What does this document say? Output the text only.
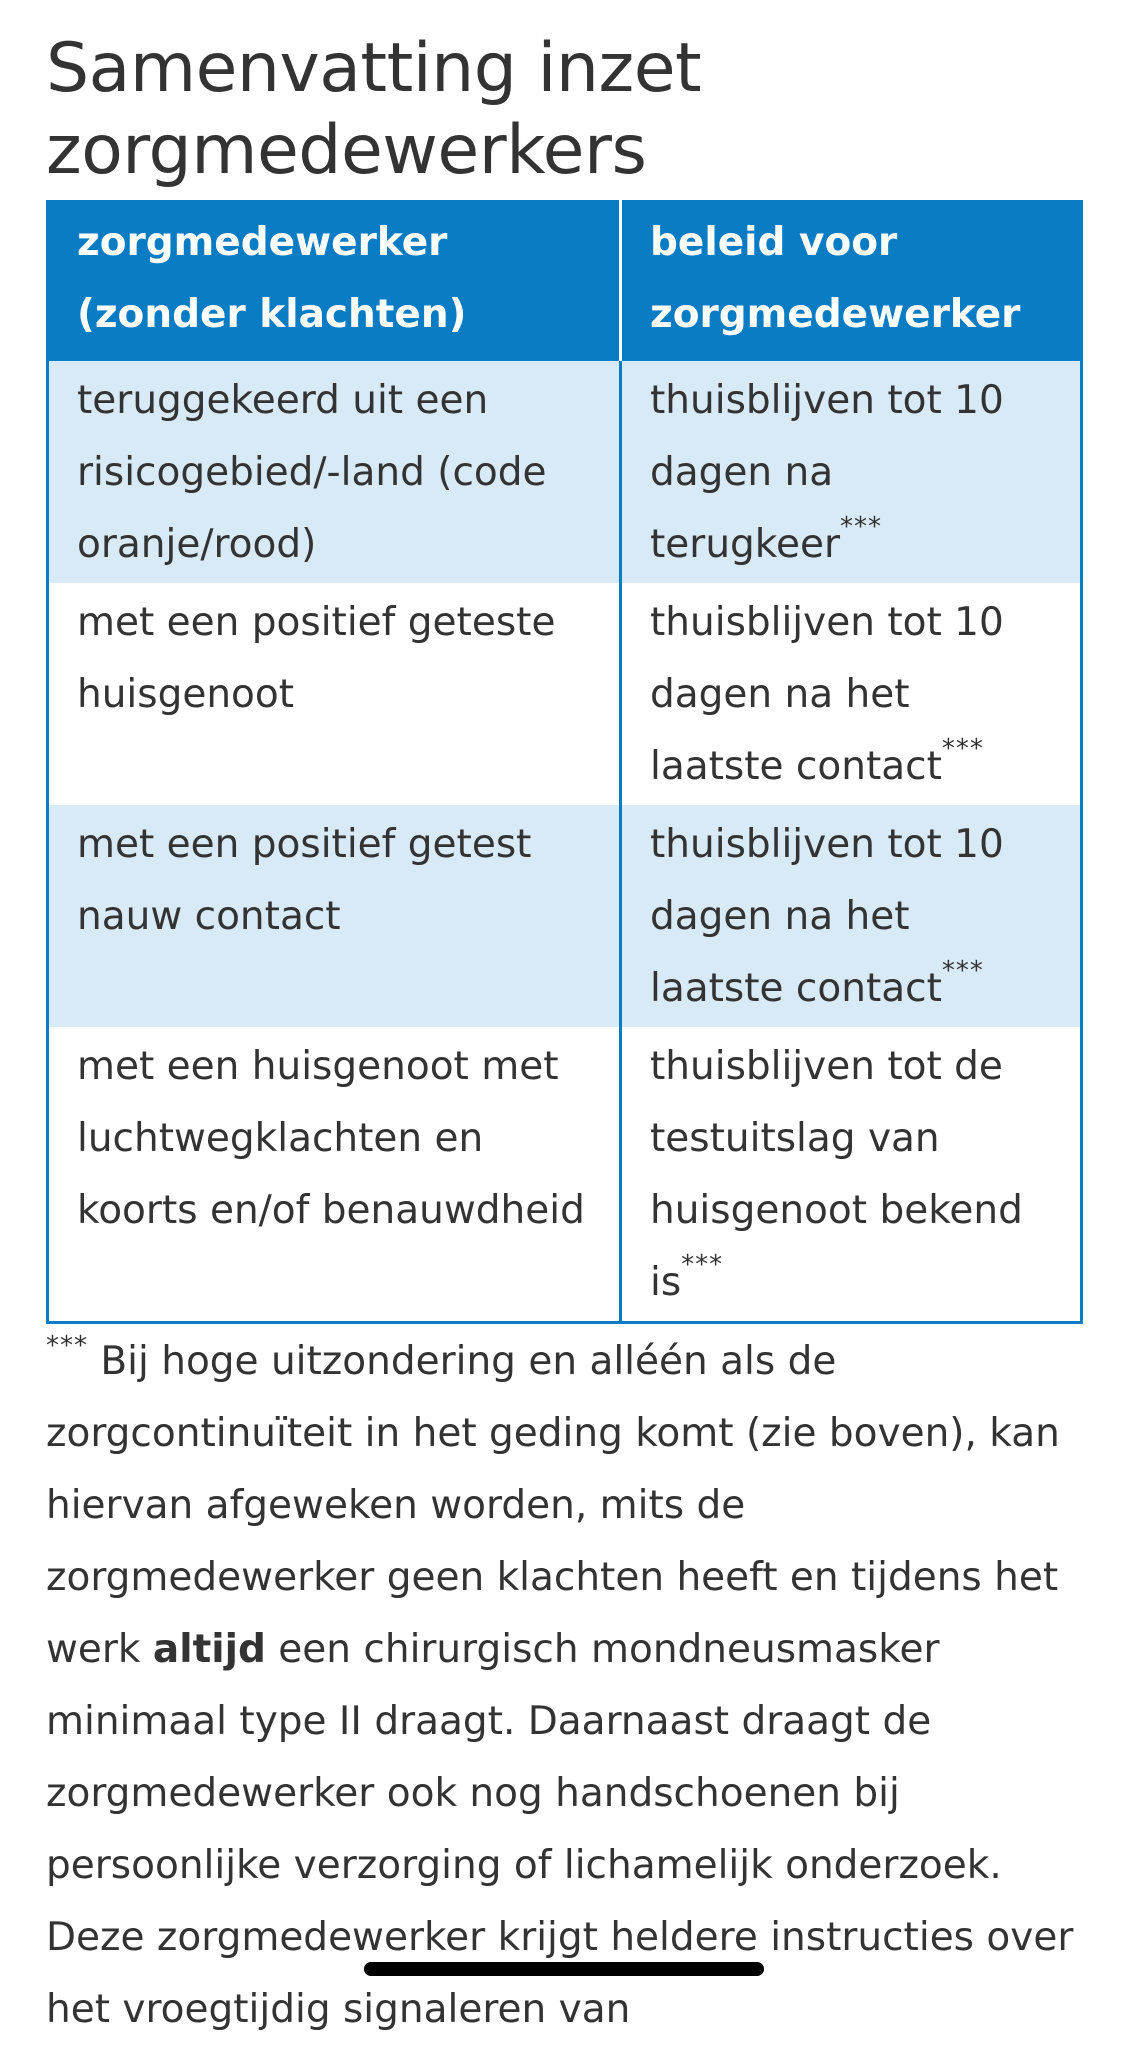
Samenvatting inzet zorgmedewerkers
zorgmedewerker (zonder klachten)	beleid voor zorgmedewerker
teruggekeerd uit een risicogebied/-land (code oranje/rood)	thuisblijven tot 10 dagen na terugkeer***
met een positief geteste huisgenoot	thuisblijven tot 10 dagen na het laatste contact***
met een positief getest nauw contact	thuisblijven tot 10 dagen na het laatste contact***
met een huisgenoot met luchtwegklachten en koorts en/of benauwdheid	thuisblijven tot de testuitslag van huisgenoot bekend is***

*** Bij hoge uitzondering en alléén als de zorgcontinuïteit in het geding komt (zie boven), kan hiervan afgeweken worden, mits de zorgmedewerker geen klachten heeft en tijdens het werk altijd een chirurgisch mondneusmasker minimaal type II draagt. Daarnaast draagt de zorgmedewerker ook nog handschoenen bij persoonlijke verzorging of lichamelijk onderzoek. Deze zorgmedewerker krijgt heldere instructies over het vroegtijdig signaleren van
